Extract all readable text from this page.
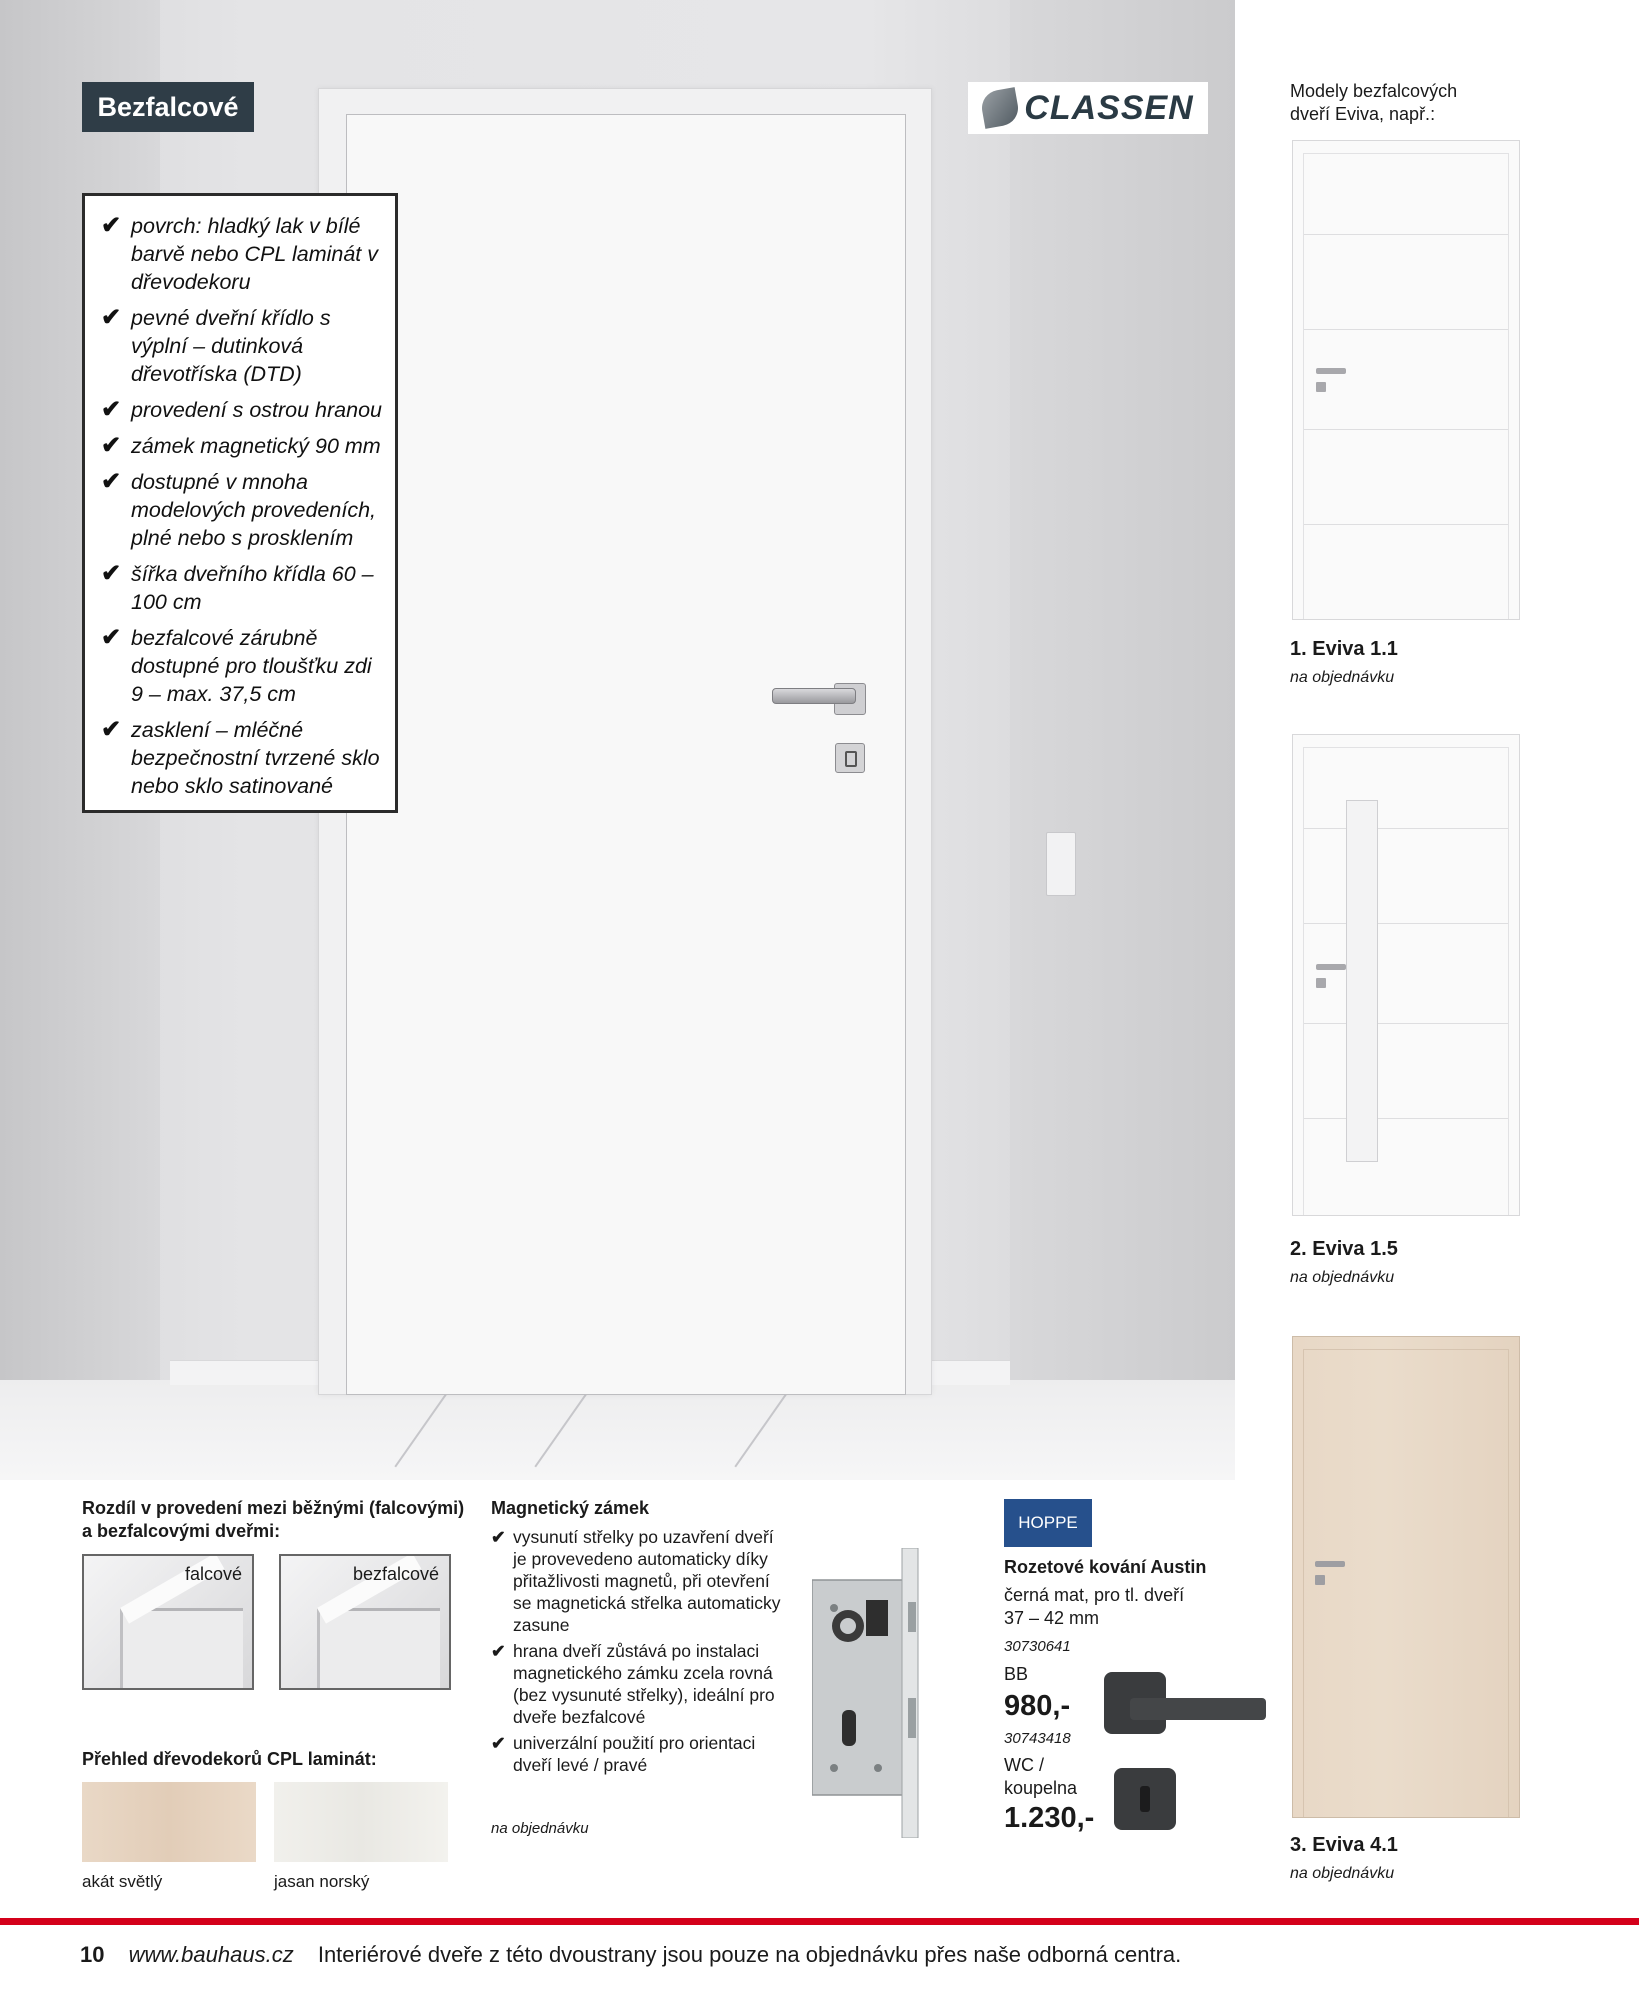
Bezfalcové	CLASSEN
✔ povrch: hladký lak v bílé barvě nebo CPL laminát v dřevodekoru
✔ pevné dveřní křídlo s výplní – dutinková dřevotříska (DTD)
✔ provedení s ostrou hranou
✔ zámek magnetický 90 mm
✔ dostupné v mnoha modelových provedeních, plné nebo s prosklením
✔ šířka dveřního křídla 60 – 100 cm
✔ bezfalcové zárubně dostupné pro tloušťku zdi 9 – max. 37,5 cm
✔ zasklení – mléčné bezpečnostní tvrzené sklo nebo sklo satinované
Modely bezfalcových dveří Eviva, např.:
1. Eviva 1.1
na objednávku
2. Eviva 1.5
na objednávku
3. Eviva 4.1
na objednávku
Rozdíl v provedení mezi běžnými (falcovými)
a bezfalcovými dveřmi:
falcové	bezfalcové
Přehled dřevodekorů CPL laminát:
akát světlý	jasan norský
Magnetický zámek
✔ vysunutí střelky po uzavření dveří je provevedeno automaticky díky přitažlivosti magnetů, při otevření se magnetická střelka automaticky zasune
✔ hrana dveří zůstává po instalaci magnetického zámku zcela rovná (bez vysunuté střelky), ideální pro dveře bezfalcové
✔ univerzální použití pro orientaci dveří levé / pravé
na objednávku
HOPPE
Rozetové kování Austin
černá mat, pro tl. dveří
37 – 42 mm
30730641
BB
980,-
30743418
WC /
koupelna
1.230,-
10 www.bauhaus.cz Interiérové dveře z této dvoustrany jsou pouze na objednávku přes naše odborná centra.
